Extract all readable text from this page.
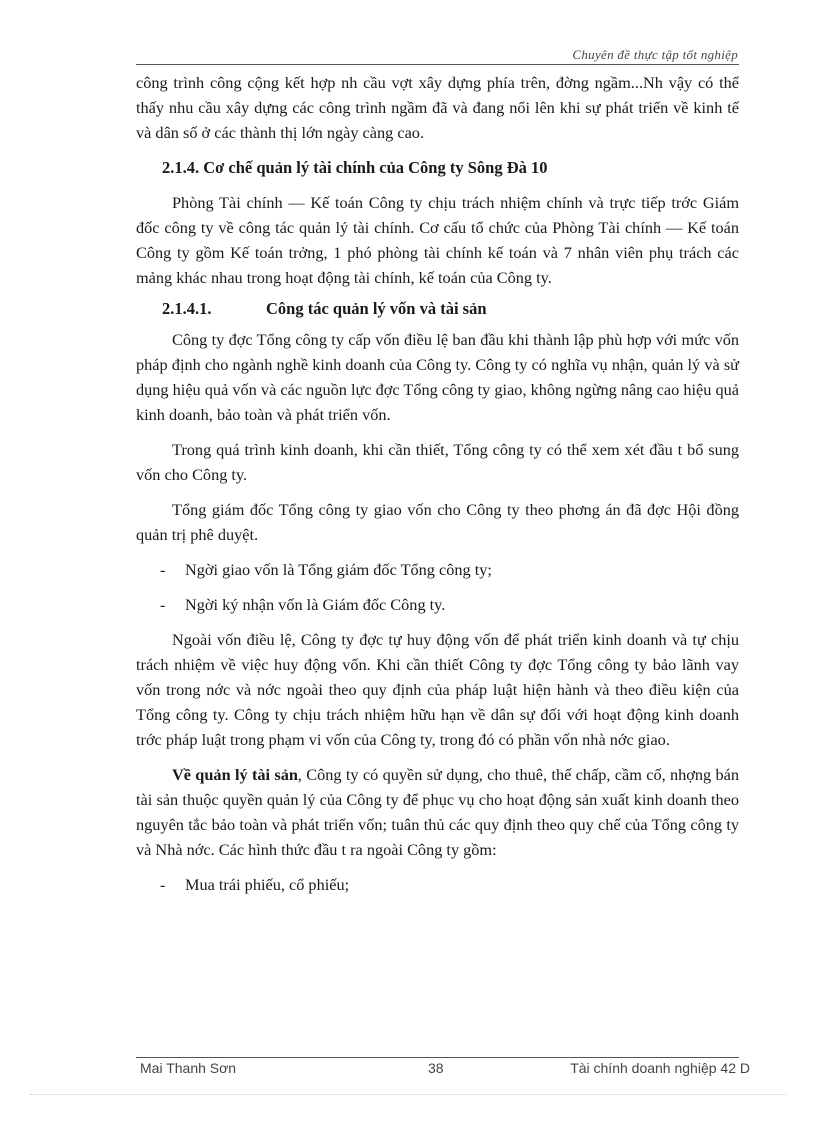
Chuyên đề thực tập tốt nghiệp

công trình công cộng kết hợp nh cầu vợt xây dựng phía trên, đờng ngầm...Nh vậy có thể thấy nhu cầu xây dựng các công trình ngầm đã và đang nổi lên khi sự phát triển về kinh tế và dân số ở các thành thị lớn ngày càng cao.

2.1.4. Cơ chế quản lý tài chính của Công ty Sông Đà 10

Phòng Tài chính — Kế toán Công ty chịu trách nhiệm chính và trực tiếp trớc Giám đốc công ty về công tác quản lý tài chính. Cơ cấu tổ chức của Phòng Tài chính — Kế toán Công ty gồm Kế toán trởng, 1 phó phòng tài chính kế toán và 7 nhân viên phụ trách các mảng khác nhau trong hoạt động tài chính, kế toán của Công ty.

2.1.4.1.	Công tác quản lý vốn và tài sản

Công ty đợc Tổng công ty cấp vốn điều lệ ban đầu khi thành lập phù hợp với mức vốn pháp định cho ngành nghề kinh doanh của Công ty. Công ty có nghĩa vụ nhận, quản lý và sử dụng hiệu quả vốn và các nguồn lực đợc Tổng công ty giao, không ngừng nâng cao hiệu quả kinh doanh, bảo toàn và phát triển vốn.

Trong quá trình kinh doanh, khi cần thiết, Tổng công ty có thể xem xét đầu t bổ sung vốn cho Công ty.

Tổng giám đốc Tổng công ty giao vốn cho Công ty theo phơng án đã đợc Hội đồng quản trị phê duyệt.

-	Ngời giao vốn là Tổng giám đốc Tổng công ty;
-	Ngời ký nhận vốn là Giám đốc Công ty.

Ngoài vốn điều lệ, Công ty đợc tự huy động vốn để phát triển kinh doanh và tự chịu trách nhiệm về việc huy động vốn. Khi cần thiết Công ty đợc Tổng công ty bảo lãnh vay vốn trong nớc và nớc ngoài theo quy định của pháp luật hiện hành và theo điều kiện của Tổng công ty. Công ty chịu trách nhiệm hữu hạn về dân sự đối với hoạt động kinh doanh trớc pháp luật trong phạm vi vốn của Công ty, trong đó có phần vốn nhà nớc giao.

Về quản lý tài sản, Công ty có quyền sử dụng, cho thuê, thế chấp, cầm cố, nhợng bán tài sản thuộc quyền quản lý của Công ty để phục vụ cho hoạt động sản xuất kinh doanh theo nguyên tắc bảo toàn và phát triển vốn; tuân thủ các quy định theo quy chế của Tổng công ty và Nhà nớc. Các hình thức đầu t ra ngoài Công ty gồm:

-	Mua trái phiếu, cổ phiếu;
Mai Thanh Sơn	38	Tài chính doanh nghiệp 42 D
